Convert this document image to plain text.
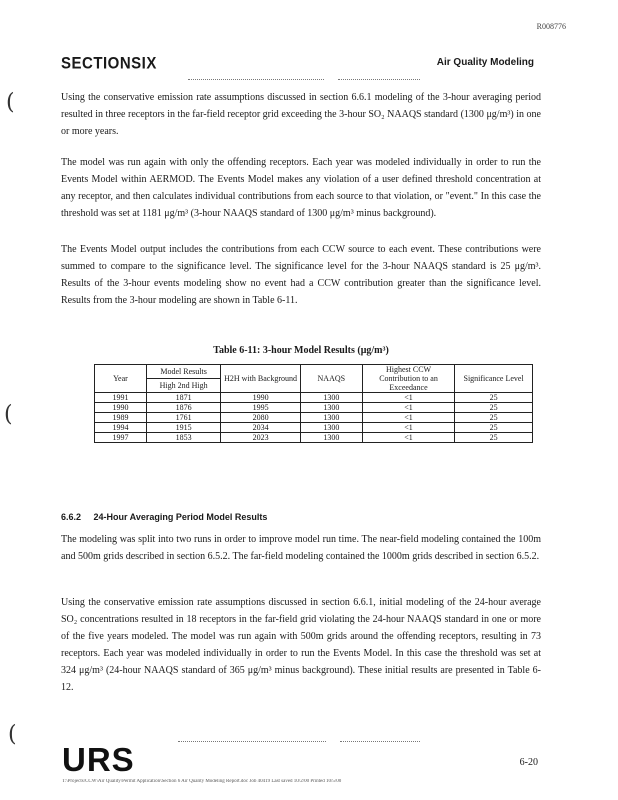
R008776
SECTIONSIX	Air Quality Modeling
(
(
(

Using the conservative emission rate assumptions discussed in section 6.6.1 modeling of the 3-hour averaging period resulted in three receptors in the far-field receptor grid exceeding the 3-hour SO₂ NAAQS standard (1300 μg/m³) in one or more years.

The model was run again with only the offending receptors. Each year was modeled individually in order to run the Events Model within AERMOD. The Events Model makes any violation of a user defined threshold concentration at any receptor, and then calculates individual contributions from each source to that violation, or "event." In this case the threshold was set at 1181 μg/m³ (3-hour NAAQS standard of 1300 μg/m³ minus background).

The Events Model output includes the contributions from each CCW source to each event. These contributions were summed to compare to the significance level. The significance level for the 3-hour NAAQS standard is 25 μg/m³. Results of the 3-hour events modeling show no event had a CCW contribution greater than the significance level. Results from the 3-hour modeling are shown in Table 6-11.

Table 6-11: 3-hour Model Results (μg/m³)
Year	Model Results	H2H with Background	NAAQS	Highest CCW Contribution to an Exceedance	Significance Level
	High 2nd High				
1991	1871	1990	1300	<1	25
1990	1876	1995	1300	<1	25
1989	1761	2080	1300	<1	25
1994	1915	2034	1300	<1	25
1997	1853	2023	1300	<1	25
6.6.2 24-Hour Averaging Period Model Results

The modeling was split into two runs in order to improve model run time. The near-field modeling contained the 100m and 500m grids described in section 6.5.2. The far-field modeling contained the 1000m grids described in section 6.5.2.

Using the conservative emission rate assumptions discussed in section 6.6.1, initial modeling of the 24-hour average SO₂ concentrations resulted in 18 receptors in the far-field grid violating the 24-hour NAAQS standard in one or more of the five years modeled. The model was run again with 500m grids around the offending receptors, resulting in 73 receptors. Each year was modeled individually in order to run the Events Model. In this case the threshold was set at 324 μg/m³ (24-hour NAAQS standard of 365 μg/m³ minus background). These initial results are presented in Table 6-12.

URS	6-20
T:\Projects\CCW\Air Quality\Permit Application\Section 6 Air Quality Modeling Report.doc Job 40419 Last saved 10/2/00 Printed 10/5/00
